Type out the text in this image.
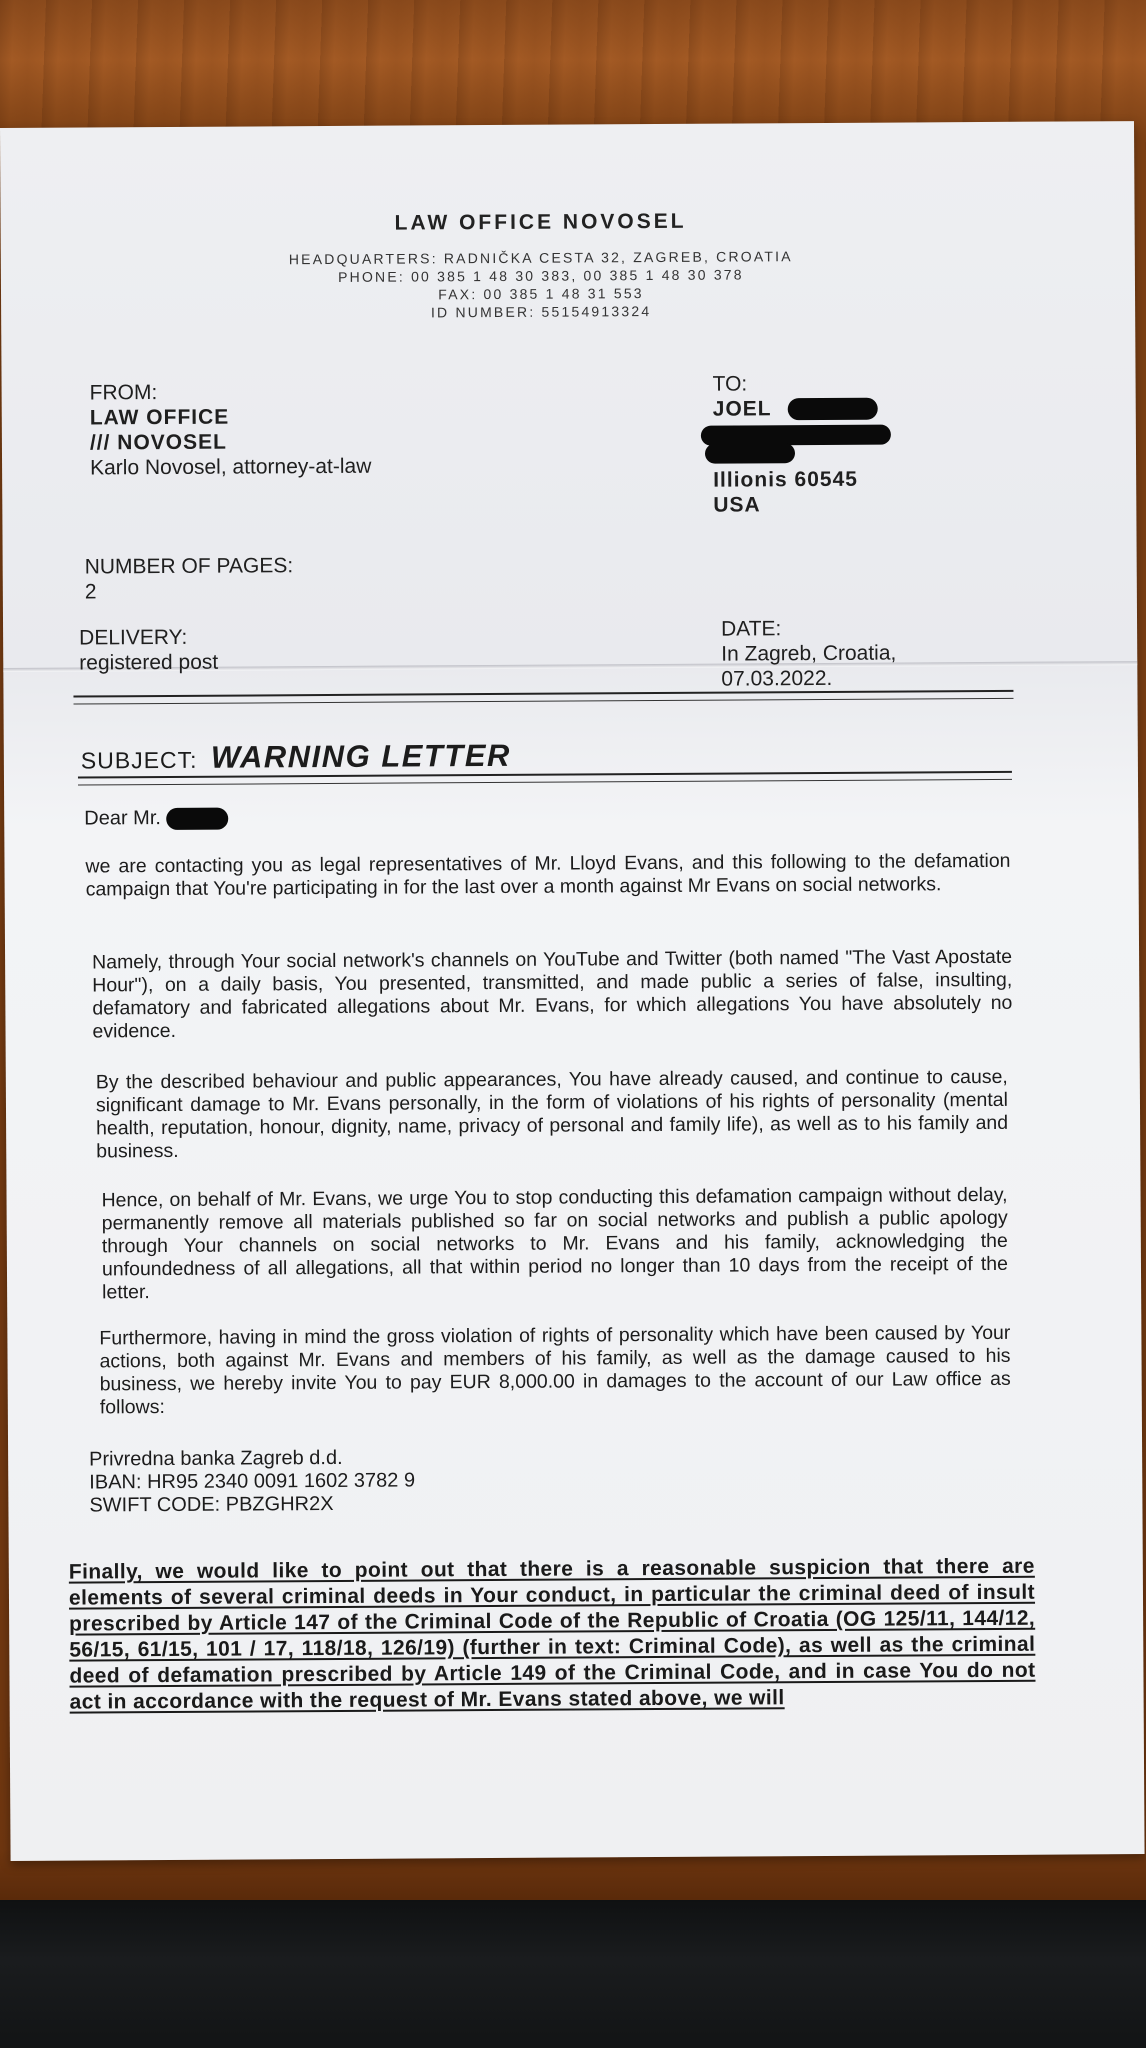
LAW OFFICE NOVOSEL
HEADQUARTERS: RADNIČKA CESTA 32, ZAGREB, CROATIA
PHONE: 00 385 1 48 30 383, 00 385 1 48 30 378
FAX: 00 385 1 48 31 553
ID NUMBER: 55154913324
FROM:
LAW OFFICE
/// NOVOSEL
Karlo Novosel, attorney-at-law
TO:
JOEL
Illionis 60545
USA
NUMBER OF PAGES:
2
DELIVERY:
registered post
DATE:
In Zagreb, Croatia,
07.03.2022.
SUBJECT: WARNING LETTER
Dear Mr.
we are contacting you as legal representatives of Mr. Lloyd Evans, and this following to the defamation campaign that You're participating in for the last over a month against Mr Evans on social networks.
Namely, through Your social network's channels on YouTube and Twitter (both named "The Vast Apostate Hour"), on a daily basis, You presented, transmitted, and made public a series of false, insulting, defamatory and fabricated allegations about Mr. Evans, for which allegations You have absolutely no evidence.
By the described behaviour and public appearances, You have already caused, and continue to cause, significant damage to Mr. Evans personally, in the form of violations of his rights of personality (mental health, reputation, honour, dignity, name, privacy of personal and family life), as well as to his family and business.
Hence, on behalf of Mr. Evans, we urge You to stop conducting this defamation campaign without delay, permanently remove all materials published so far on social networks and publish a public apology through Your channels on social networks to Mr. Evans and his family, acknowledging the unfoundedness of all allegations, all that within period no longer than 10 days from the receipt of the letter.
Furthermore, having in mind the gross violation of rights of personality which have been caused by Your actions, both against Mr. Evans and members of his family, as well as the damage caused to his business, we hereby invite You to pay EUR 8,000.00 in damages to the account of our Law office as follows:
Privredna banka Zagreb d.d.
IBAN: HR95 2340 0091 1602 3782 9
SWIFT CODE: PBZGHR2X
Finally, we would like to point out that there is a reasonable suspicion that there are elements of several criminal deeds in Your conduct, in particular the criminal deed of insult prescribed by Article 147 of the Criminal Code of the Republic of Croatia (OG 125/11, 144/12, 56/15, 61/15, 101 / 17, 118/18, 126/19) (further in text: Criminal Code), as well as the criminal deed of defamation prescribed by Article 149 of the Criminal Code, and in case You do not act in accordance with the request of Mr. Evans stated above, we will
